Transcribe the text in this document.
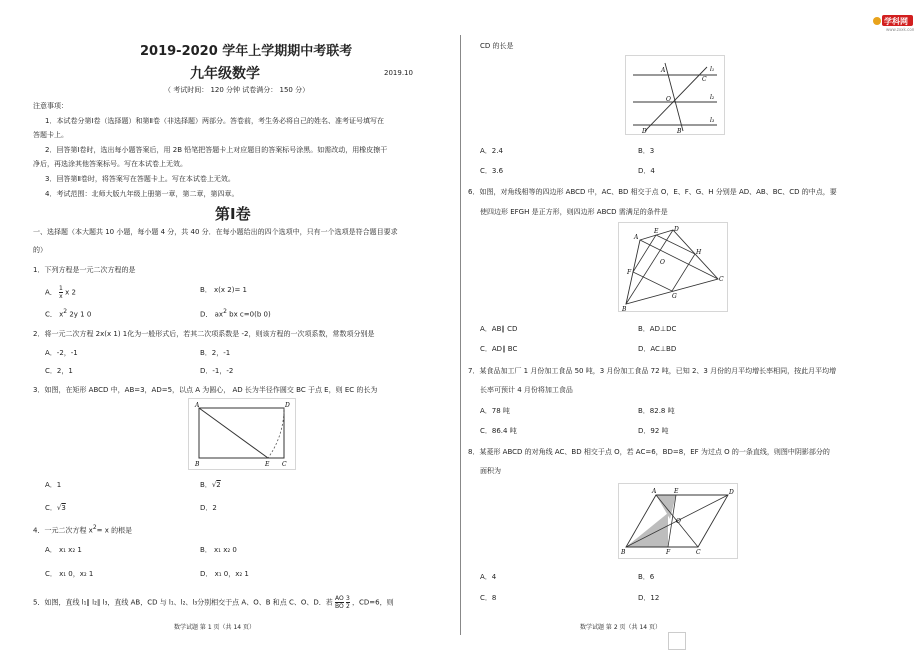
学科网
www.zxxk.com
2019-2020 学年上学期期中考联考
九年级数学	2019.10
（ 考试时间： 120 分钟 试卷满分： 150 分）
注意事项：
1．本试卷分第Ⅰ卷（选择题）和第Ⅱ卷（非选择题）两部分。答卷前，考生务必将自己的姓名、准考证号填写在
答题卡上。
2．回答第Ⅰ卷时，选出每小题答案后，用 2B 铅笔把答题卡上对应题目的答案标号涂黑。如需改动，用橡皮擦干
净后，再选涂其他答案标号。写在本试卷上无效。
3．回答第Ⅱ卷时，将答案写在答题卡上。写在本试卷上无效。
4．考试范围：北师大版九年级上册第一章，第二章，第四章。
第Ⅰ卷
一、选择题（本大题共 10 小题，每小题 4 分，共 40 分．在每小题给出的四个选项中，只有一个选项是符合题目要求
的）
1．下列方程是一元二次方程的是
A． $\frac{1}{x}$ x 2	B． x(x 2)= 1
C． $x^2$ 2y 1 0	D． $ax^2$ bx c=0(b 0)
2．将一元二次方程 2x(x 1) 1化为一般形式后，若其二次项系数是 -2，则该方程的一次项系数，常数项分别是
A．-2，-1	B．2，-1
C．2，1	D．-1，-2
3．如图，在矩形 ABCD 中，AB=3，AD=5，以点 A 为圆心， AD 长为半径作圆交 BC 于点 E，则 EC 的长为
A	D
B	E C
A．1	B．√2
C．√3	D．2
4．一元二次方程 $x^2= x$ 的根是
A． x₁ x₂ 1	B． x₁ x₂ 0
C． x₁ 0，x₂ 1	D． x₁ 0，x₂ 1
5．如图，直线 l₁∥ l₂∥ l₃，直线 AB，CD 与 l₁、l₂、l₃分别相交于点 A、O、B 和点 C、O、D．若 $\frac{AO}{BO}$
$\frac{3}{2}$ ，CD=6，则
数学试题 第 1 页（共 14 页）
CD 的长是
l₁
l₂
l₃
A
C
O
D	B
A．2.4	B．3
C．3.6	D．4
6．如图，对角线相等的四边形 ABCD 中，AC、BD 相交于点 O，E、F、G、H 分别是 AD、AB、BC、CD 的中点，要
使四边形 EFGH 是正方形，则四边形 ABCD 需满足的条件是
E
A
D
H
F
O
C
G
B
A．AB∥ CD	B．AD⊥DC
C．AD∥ BC	D．AC⊥BD
7．某食品加工厂 1 月份加工食品 50 吨，3 月份加工食品 72 吨，已知 2、3 月份的月平均增长率相同，按此月平均增
长率可预计 4 月份将加工食品
A．78 吨	B．82.8 吨
C．86.4 吨	D．92 吨
8．某菱形 ABCD 的对角线 AC、BD 相交于点 O，若 AC=6，BD=8，EF 为过点 O 的一条直线，则图中阴影部分的
面积为
A	E	D
O
B	F	C
A．4	B．6
C．8	D．12
数学试题 第 2 页（共 14 页）
